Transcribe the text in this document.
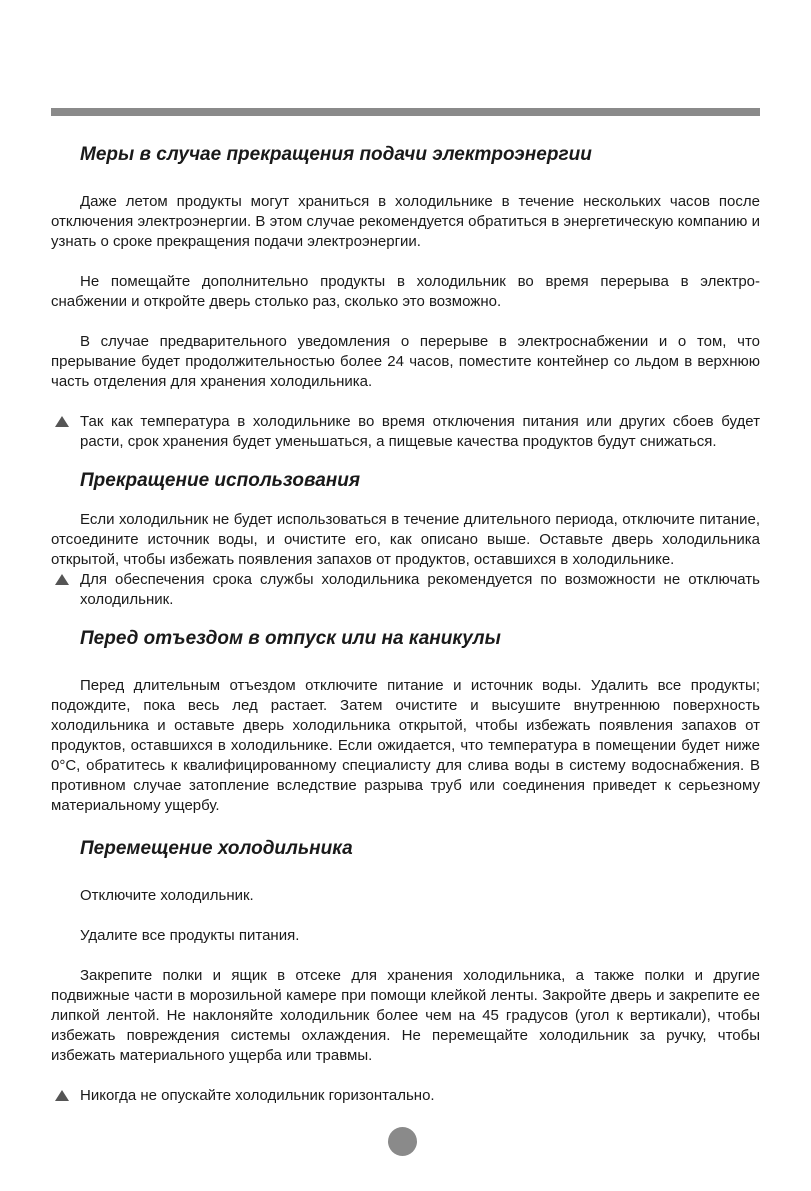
Меры в случае прекращения подачи электроэнергии

Даже летом продукты могут храниться в холодильнике в течение нескольких часов после отключения электроэнергии. В этом случае рекомендуется обратиться в энергетическую компанию и узнать о сроке прекращения подачи электроэнергии.

Не помещайте дополнительно продукты в холодильник во время перерыва в электро-снабжении и откройте дверь столько раз, сколько это возможно.

В случае предварительного уведомления о перерыве в электроснабжении и о том, что прерывание будет продолжительностью более 24 часов, поместите контейнер со льдом в верхнюю часть отделения для хранения холодильника.

Так как температура в холодильнике во время отключения питания или других сбоев будет расти, срок хранения будет уменьшаться, а пищевые качества продуктов будут снижаться.
Прекращение использования

Если холодильник не будет использоваться в течение длительного периода, отключите питание, отсоедините источник воды, и очистите его, как описано выше. Оставьте дверь холодильника открытой, чтобы избежать появления запахов от продуктов, оставшихся в холодильнике.

Для обеспечения срока службы холодильника рекомендуется по возможности не отключать холодильник.
Перед отъездом в отпуск или на каникулы

Перед длительным отъездом отключите питание и источник воды. Удалить все продукты; подождите, пока весь лед растает. Затем очистите и высушите внутреннюю поверхность холодильника и оставьте дверь холодильника открытой, чтобы избежать появления запахов от продуктов, оставшихся в холодильнике. Если ожидается, что температура в помещении будет ниже 0°C, обратитесь к квалифицированному специалисту для слива воды в систему водоснабжения. В противном случае затопление вследствие разрыва труб или соединения приведет к серьезному материальному ущербу.

Перемещение холодильника

Отключите холодильник.

Удалите все продукты питания.

Закрепите полки и ящик в отсеке для хранения холодильника, а также полки и другие подвижные части в морозильной камере при помощи клейкой ленты. Закройте дверь и закрепите ее липкой лентой. Не наклоняйте холодильник более чем на 45 градусов (угол к вертикали), чтобы избежать повреждения системы охлаждения. Не перемещайте холодильник за ручку, чтобы избежать материального ущерба или травмы.

Никогда не опускайте холодильник горизонтально.
